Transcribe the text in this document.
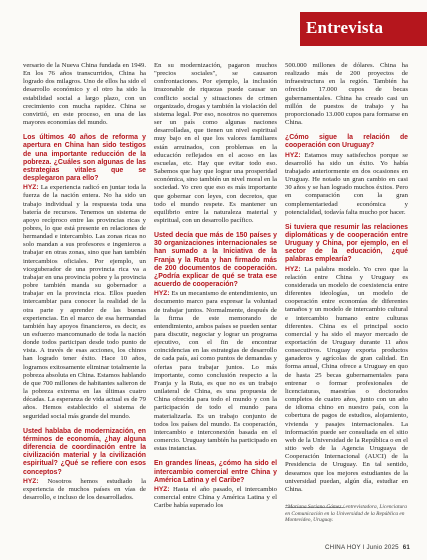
Entrevista

versario de la Nueva China fundada en 1949. En los 76 años transcurridos, China ha logrado dos milagros. Uno de ellos ha sido el desarrollo económico y el otro ha sido la estabilidad social a largo plazo, con un crecimiento con mucha rapidez. China se convirtió, en este proceso, en una de las mayores economías del mundo.

Los últimos 40 años de reforma y apertura en China han sido testigos de una importante reducción de la pobreza. ¿Cuáles son algunas de las estrategias vitales que se desplegaron para ello?

HYZ: La experiencia radicó en juntar toda la fuerza de la nación entera. No ha sido un trabajo individual y la respuesta toda una batería de recursos. Tenemos un sistema de apoyo recíproco entre las provincias ricas y pobres, lo que está presente en relaciones de hermandad e intercambio. Las zonas ricas no solo mandan a sus profesores e ingenieros a trabajar en otras zonas, sino que han también intercambios oficiales. Por ejemplo, un viceguberador de una provincia rica va a trabajar en una provincia pobre y la provincia pobre también manda su gobernador a trabajar en la provincia rica. Ellos pueden intercambiar para conocer la realidad de la otra parte y aprender de las buenas experiencias. En el marco de esa hermandad también hay apoyos financieros, es decir, es un esfuerzo mancomunado de toda la nación donde todos participan desde todo punto de vista. A través de esas acciones, los chinos han logrado tener éxito. Hace 10 años, logramos exitosamente eliminar totalmente la pobreza absoluta en China. Estamos hablando de que 700 millones de habitantes salieron de la pobreza extrema en las últimas cuatro décadas. La esperanza de vida actual es de 79 años. Hemos establecido el sistema de seguridad social más grande del mundo.

Usted hablaba de modernización, en términos de economía, ¿hay alguna diferencia de coordinación entre la civilización material y la civilización espiritual? ¿Qué se refiere con esos conceptos?

HYZ: Nosotros hemos estudiado la experiencia de muchos países en vías de desarrollo, e incluso de los desarrollados.

En su modernización, pagaron muchos "precios sociales", se causaron confrontaciones. Por ejemplo, la inclusión irrazonable de riquezas puede causar un conflicto social y situaciones de crimen organizado, drogas y también la violación del sistema legal. Por eso, nosotros no queremos ser un país como algunas naciones desarrolladas, que tienen un nivel espiritual muy bajo en el que los valores familiares están arruinados, con problemas en la educación reflejados en el acoso en las escuelas, etc. Hay que evitar todo eso. Sabemos que hay que lograr una prosperidad económica, sino también un nivel moral en la sociedad. Yo creo que eso es más importante que gobernar con leyes, con decretos, que todo el mundo respete. Es mantener un equilibrio entre la naturaleza material y espiritual, con un desarrollo pacífico.

Usted decía que más de 150 países y 30 organizaciones internacionales se han sumado a la Iniciativa de la Franja y la Ruta y han firmado más de 200 documentos de cooperación. ¿Podría explicar de qué se trata ese acuerdo de cooperación?

HYZ: Es un mecanismo de entendimiento, un documento marco para expresar la voluntad de trabajar juntos. Normalmente, después de la firma de este memorando de entendimiento, ambos países se pueden sentar para discutir, negociar y lograr un programa ejecutivo, con el fin de encontrar coincidencias en las estrategias de desarrollo de cada país, así como puntos de demandas y ofertas para trabajar juntos. Lo más importante, como conclusión respecto a la Franja y la Ruta, es que no es un trabajo unilateral de China, es una propuesta de China ofrecida para todo el mundo y con la participación de todo el mundo para materializarla. Es un trabajo conjunto de todos los países del mundo. Es cooperación, intercambio e interconexión basada en el comercio. Uruguay también ha participado en estas instancias.

En grandes líneas, ¿cómo ha sido el intercambio comercial entre China y América Latina y el Caribe?

HYZ: Hasta el año pasado, el intercambio comercial entre China y América Latina y el Caribe había superado los

500.000 millones de dólares. China ha realizado más de 200 proyectos de infraestructura en la región. También ha ofrecido 17.000 cupos de becas gubernamentales. China ha creado casi un millón de puestos de trabajo y ha proporcionado 13.000 cupos para formarse en China.

¿Cómo sigue la relación de cooperación con Uruguay?

HYZ: Estamos muy satisfechos porque se desarrolló ha sido un éxito. Yo había trabajado anteriormente en dos ocasiones en Uruguay. He notado un gran cambio en casi 30 años y se han logrado muchos éxitos. Pero en comparación con la gran complementariedad económica y potencialidad, todavía falta mucho por hacer.

Si tuviera que resumir las relaciones diplomáticas y de cooperación entre Uruguay y China, por ejemplo, en el sector de la educación, ¿qué palabras emplearía?

HYZ: La palabra modelo. Yo creo que la relación entre China y Uruguay es considerada un modelo de coexistencia entre diferentes ideologías, un modelo de cooperación entre economías de diferentes tamaños y un modelo de intercambio cultural e intercambio humano entre culturas diferentes. China es el principal socio comercial y ha sido el mayor mercado de exportación de Uruguay durante 11 años consecutivos. Uruguay exporta productos ganaderos y agrícolas de gran calidad. En forma anual, China ofrece a Uruguay en quo de hasta 25 becas gubernamentales para entrenar o formar profesionales de licenciaturas, maestrías o doctorados completos de cuatro años, junto con un año de idioma chino en nuestro país, con la cobertura de pagos de estudios, alojamiento, vivienda y pasajes internacionales. La información puede ser consultada en el sitio web de la Universidad de la República o en el sitio web de la Agencia Uruguaya de Cooperación Internacional (AUCI) de la Presidencia de Uruguay. En tal sentido, deseamos que los mejores estudiantes de la universidad puedan, algún día, estudiar en China.

*Mariana Soriano Gómez / entrevistadora, Licenciatura en Comunicación en la Universidad de la República en Montevideo, Uruguay.
CHINA HOY I Junio 2025 61
